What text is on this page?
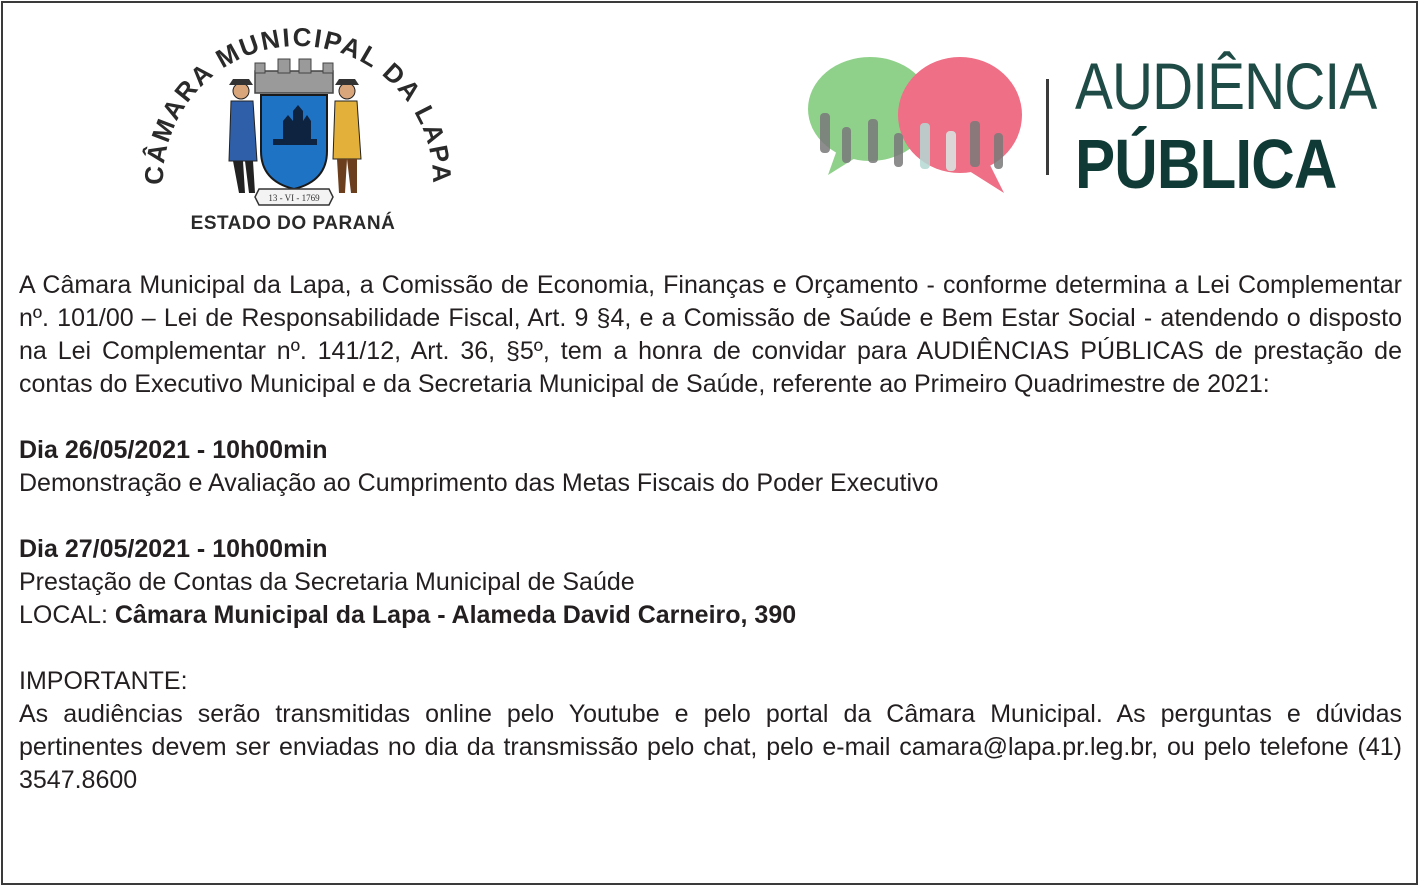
CÂMARA MUNICIPAL DA LAPA
13 - VI - 1769
ESTADO DO PARANÁ
AUDIÊNCIA
PÚBLICA

A Câmara Municipal da Lapa, a Comissão de Economia, Finanças e Orçamento - conforme determina a Lei Complementar nº. 101/00 – Lei de Responsabilidade Fiscal, Art. 9 §4, e a Comissão de Saúde e Bem Estar Social - atendendo o disposto na Lei Complementar nº. 141/12, Art. 36, §5º, tem a honra de convidar para AUDIÊNCIAS PÚBLICAS de prestação de contas do Executivo Municipal e da Secretaria Municipal de Saúde, referente ao Primeiro Quadrimestre de 2021:

Dia 26/05/2021 - 10h00min
Demonstração e Avaliação ao Cumprimento das Metas Fiscais do Poder Executivo
Dia 27/05/2021 - 10h00min
Prestação de Contas da Secretaria Municipal de Saúde
LOCAL: Câmara Municipal da Lapa - Alameda David Carneiro, 390
IMPORTANTE:

As audiências serão transmitidas online pelo Youtube e pelo portal da Câmara Municipal. As perguntas e dúvidas pertinentes devem ser enviadas no dia da transmissão pelo chat, pelo e-mail camara@lapa.pr.leg.br, ou pelo telefone (41) 3547.8600
